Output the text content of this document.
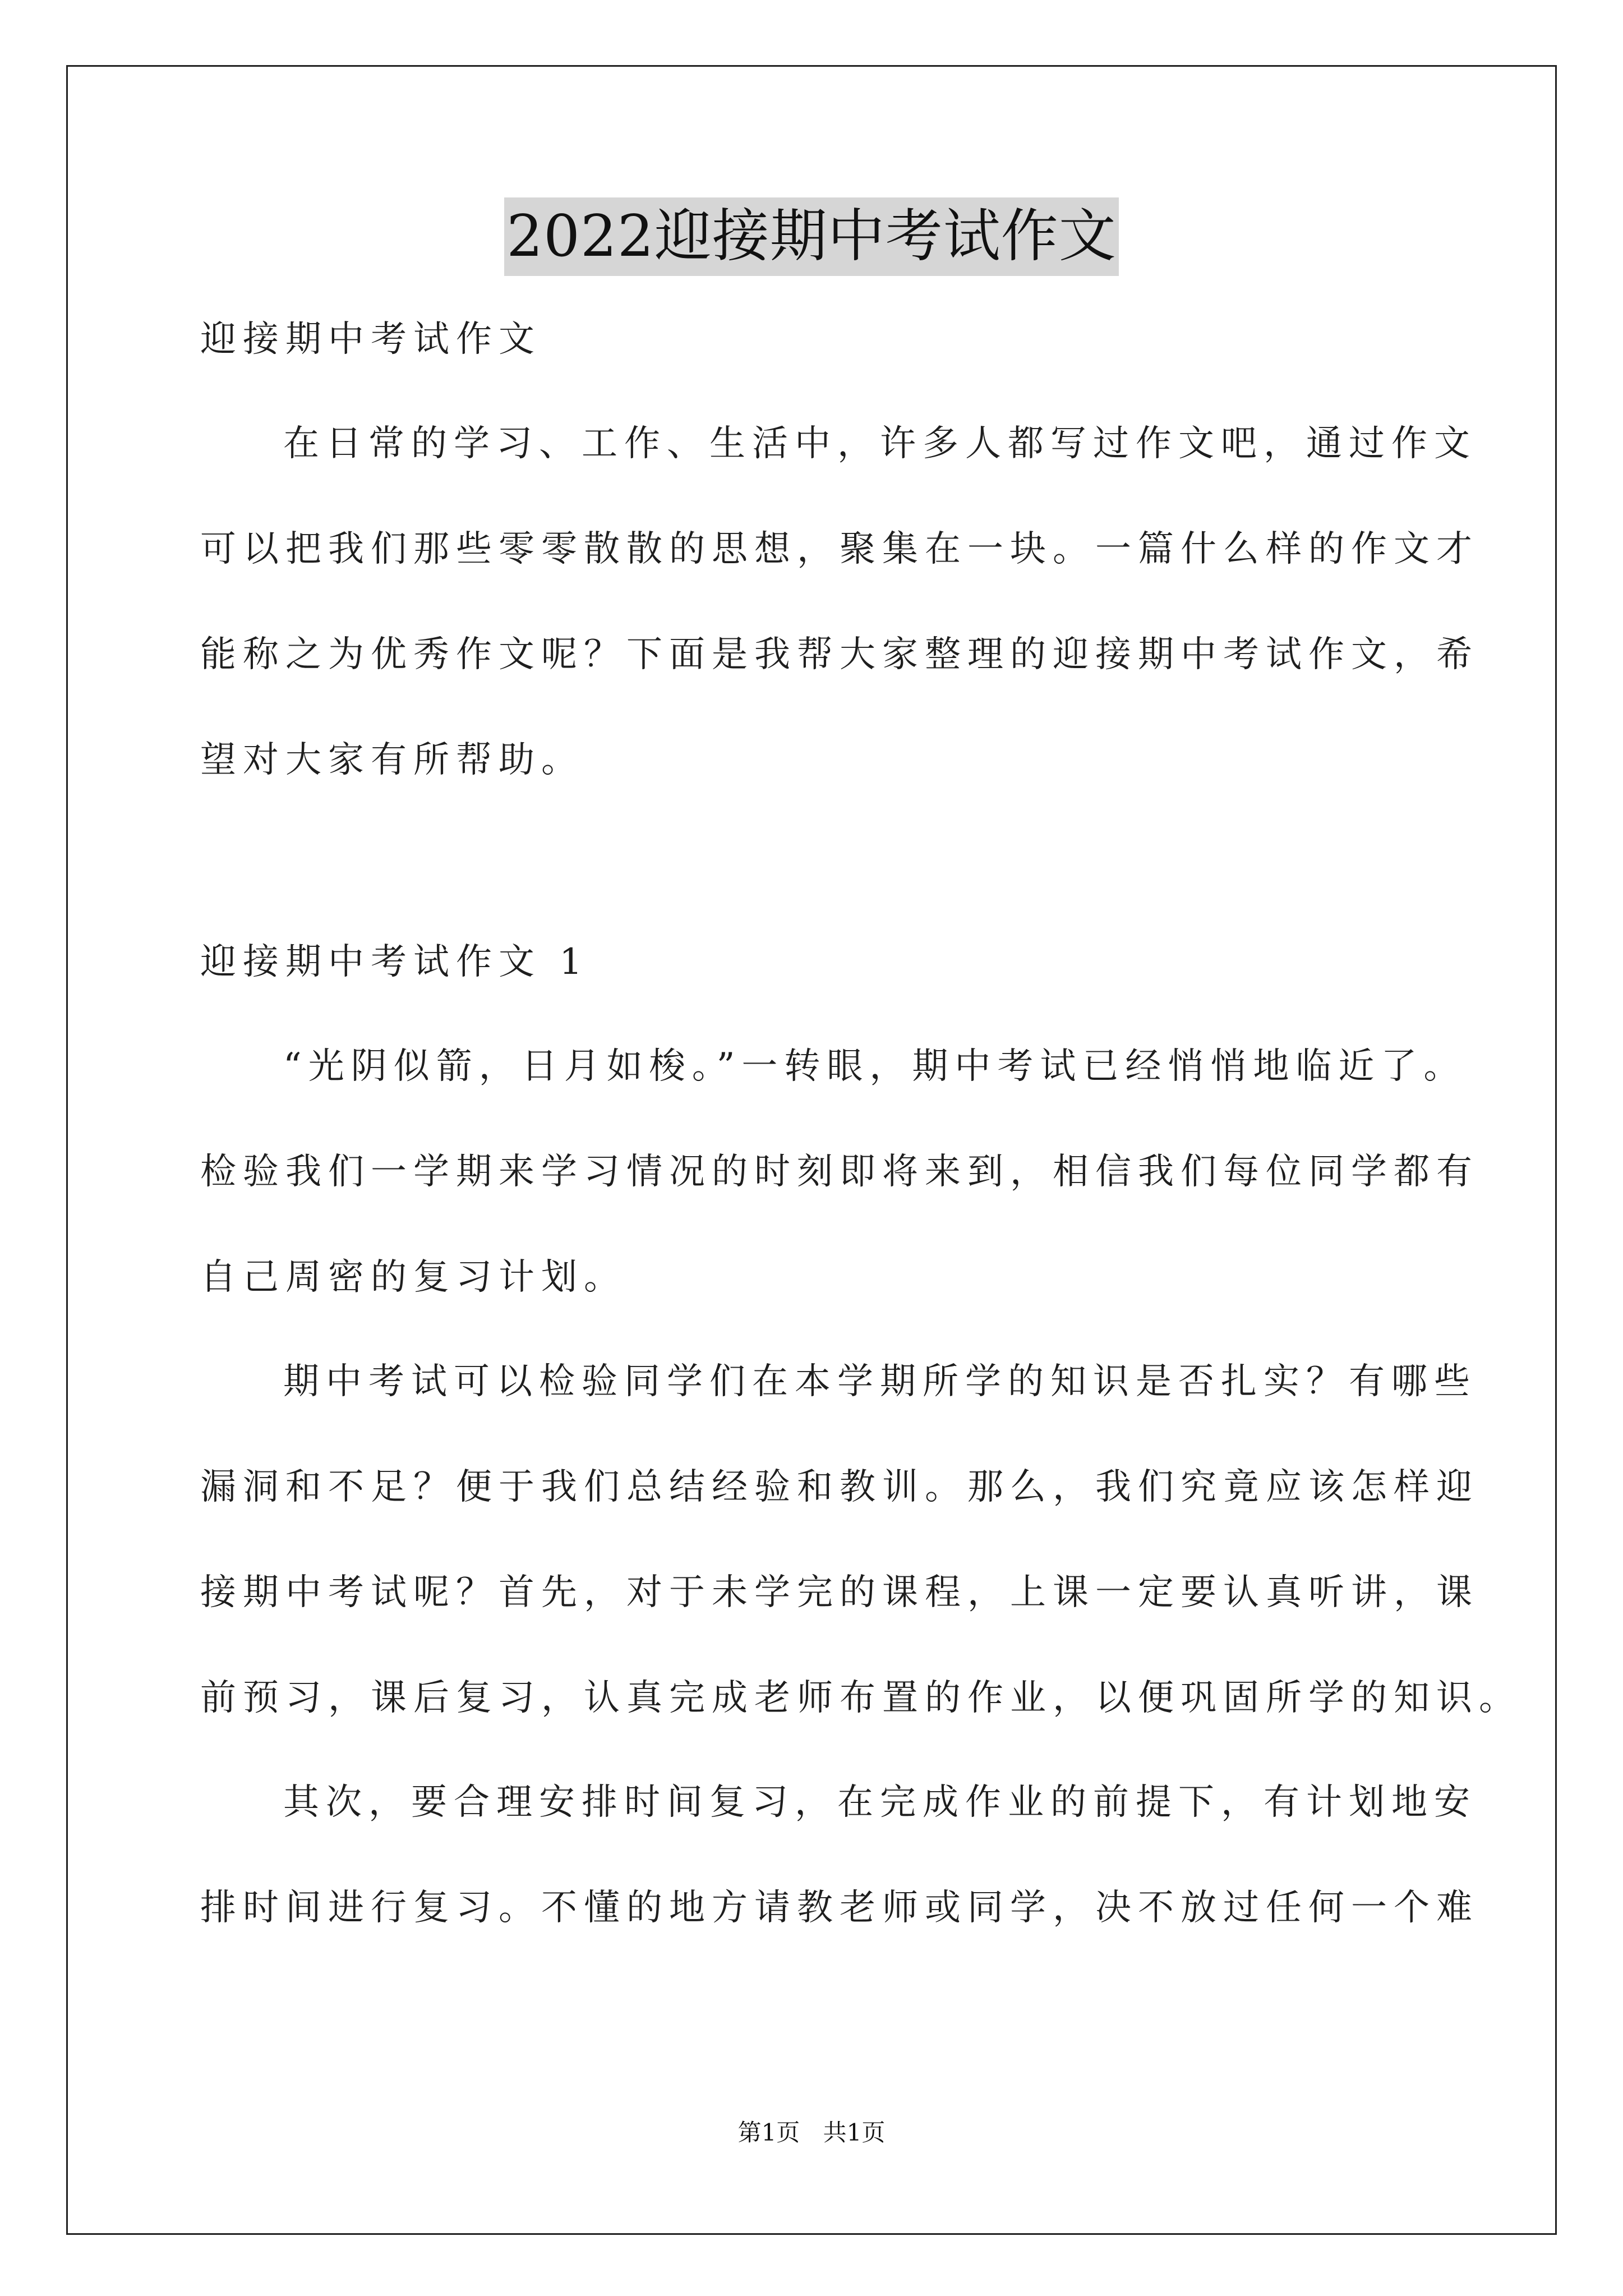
2022迎接期中考试作文
迎接期中考试作文
在日常的学习、工作、生活中，许多人都写过作文吧，通过作文
可以把我们那些零零散散的思想，聚集在一块。一篇什么样的作文才
能称之为优秀作文呢？下面是我帮大家整理的迎接期中考试作文，希
望对大家有所帮助。
迎接期中考试作文 1
“光阴似箭，日月如梭。”一转眼，期中考试已经悄悄地临近了。
检验我们一学期来学习情况的时刻即将来到，相信我们每位同学都有
自己周密的复习计划。
期中考试可以检验同学们在本学期所学的知识是否扎实？有哪些
漏洞和不足？便于我们总结经验和教训。那么，我们究竟应该怎样迎
接期中考试呢？首先，对于未学完的课程，上课一定要认真听讲，课
前预习，课后复习，认真完成老师布置的作业，以便巩固所学的知识。
其次，要合理安排时间复习，在完成作业的前提下，有计划地安
排时间进行复习。不懂的地方请教老师或同学，决不放过任何一个难
第1页 共1页
